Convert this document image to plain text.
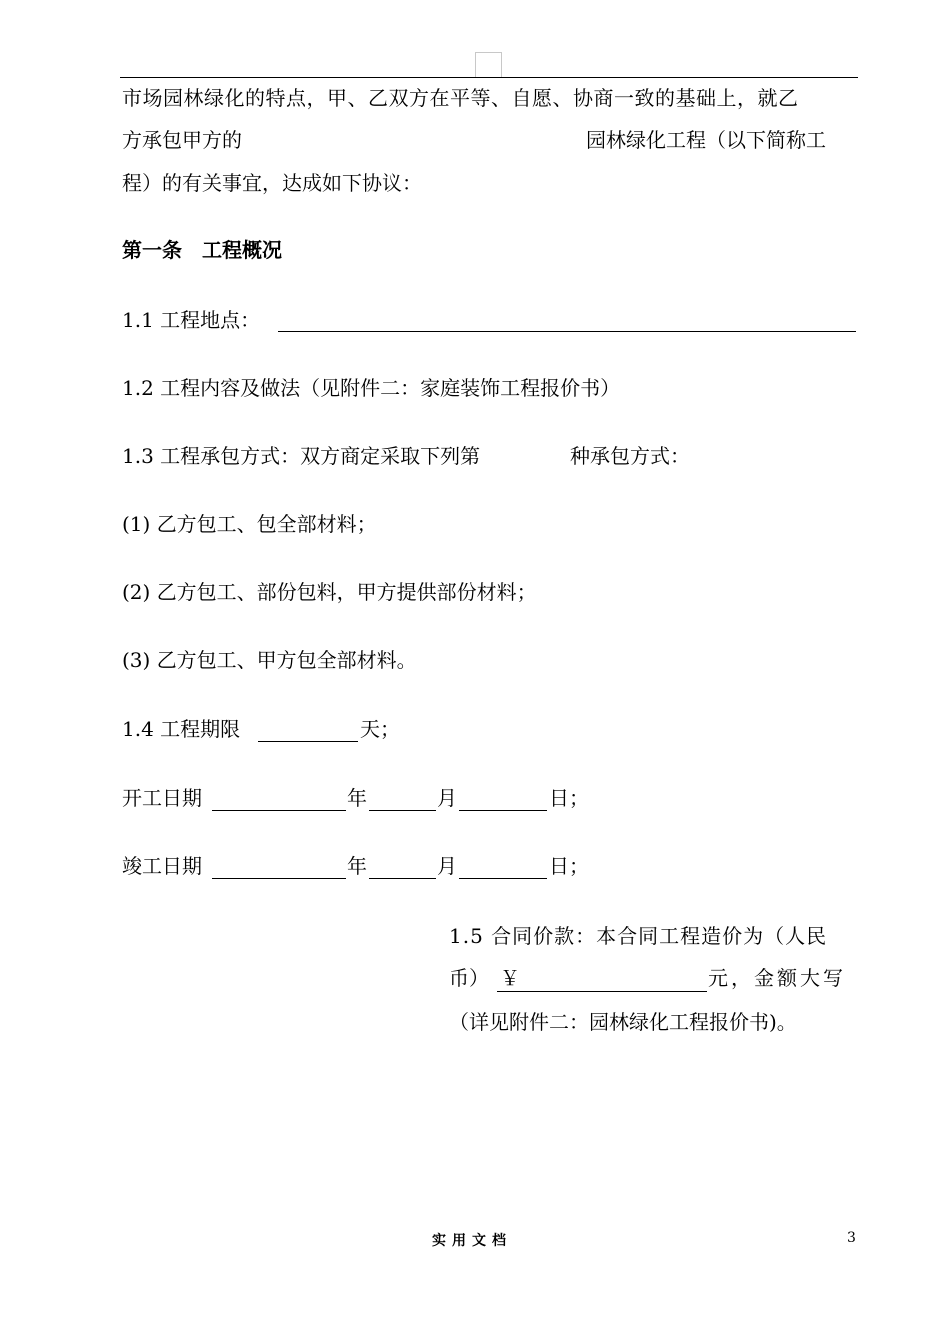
市场园林绿化的特点，甲、乙双方在平等、自愿、协商一致的基础上，就乙
方承包甲方的	园林绿化工程（以下简称工
程）的有关事宜，达成如下协议：
第一条　工程概况
1.1 工程地点：
1.2 工程内容及做法（见附件二：家庭装饰工程报价书）
1.3 工程承包方式：双方商定采取下列第	种承包方式：
(1) 乙方包工、包全部材料；
(2) 乙方包工、部份包料，甲方提供部份材料；
(3) 乙方包工、甲方包全部材料。
1.4 工程期限	天；
开工日期	年	月	日；
竣工日期	年	月	日；
1.5 合同价款：本合同工程造价为（人民
币） ￥	元，金额大写
（详见附件二：园林绿化工程报价书)。
实用文档	3
